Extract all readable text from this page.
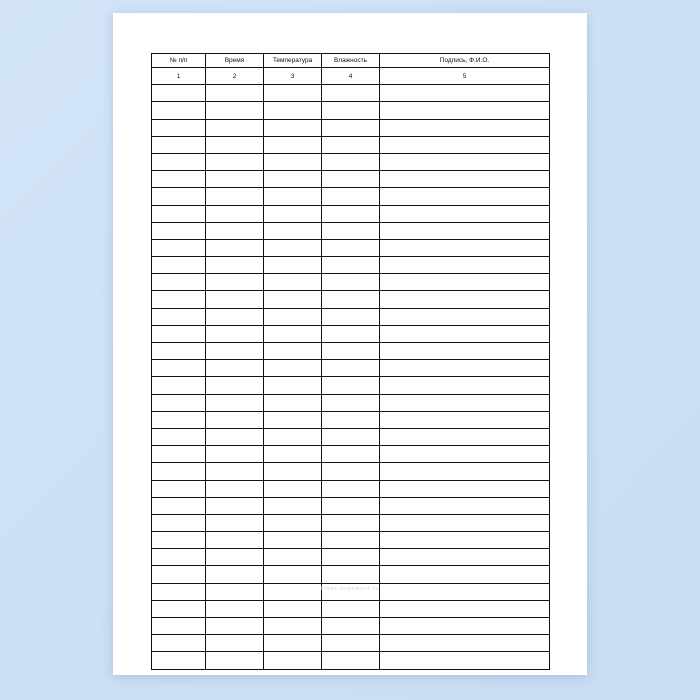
№ п/п	Время	Температура	Влажность	Подпись, Ф.И.О.
1	2	3	4	5

blank-dokument.ru
